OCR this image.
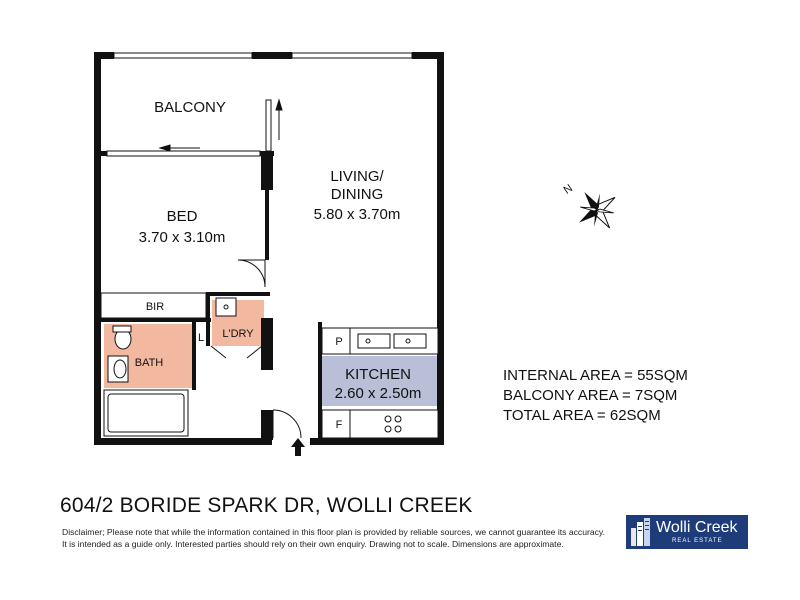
BALCONY
LIVING/
DINING
5.80 x 3.70m
BED
3.70 x 3.10m
BIR
L'DRY
L
BATH
KITCHEN
2.60 x 2.50m
P
F
N
INTERNAL AREA = 55SQM
BALCONY AREA = 7SQM
TOTAL AREA = 62SQM
604/2 BORIDE SPARK DR, WOLLI CREEK
Disclaimer; Please note that while the information contained in this floor plan is provided by reliable sources, we cannot guarantee its accuracy.
It is intended as a guide only. Interested parties should rely on their own enquiry. Drawing not to scale. Dimensions are approximate.
Wolli Creek
REAL ESTATE
